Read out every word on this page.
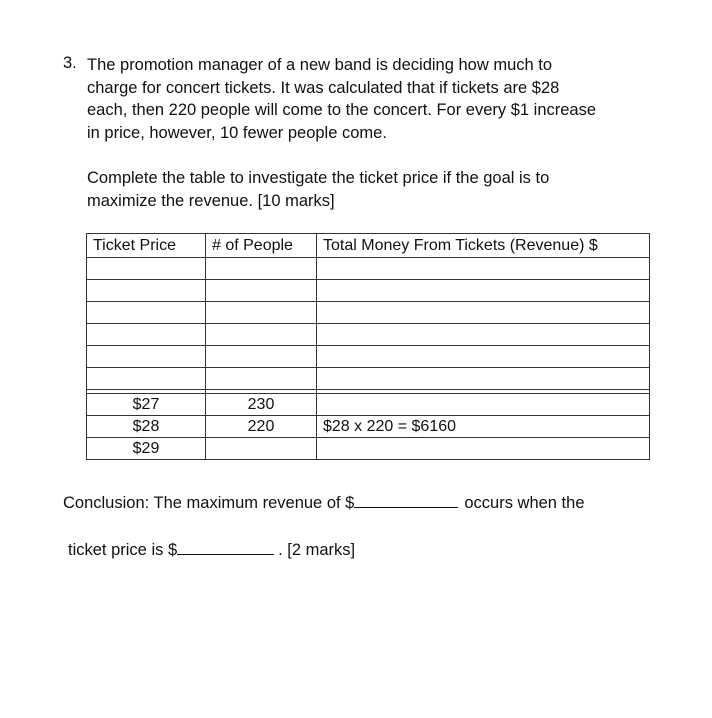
3. The promotion manager of a new band is deciding how much to
charge for concert tickets. It was calculated that if tickets are $28
each, then 220 people will come to the concert. For every $1 increase
in price, however, 10 fewer people come.
Complete the table to investigate the ticket price if the goal is to
maximize the revenue. [10 marks]
Ticket Price	# of People	Total Money From Tickets (Revenue) $

$27	230	
$28	220	$28 x 220 = $6160
$29		
Conclusion: The maximum revenue of $	occurs when the
ticket price is $	. [2 marks]
